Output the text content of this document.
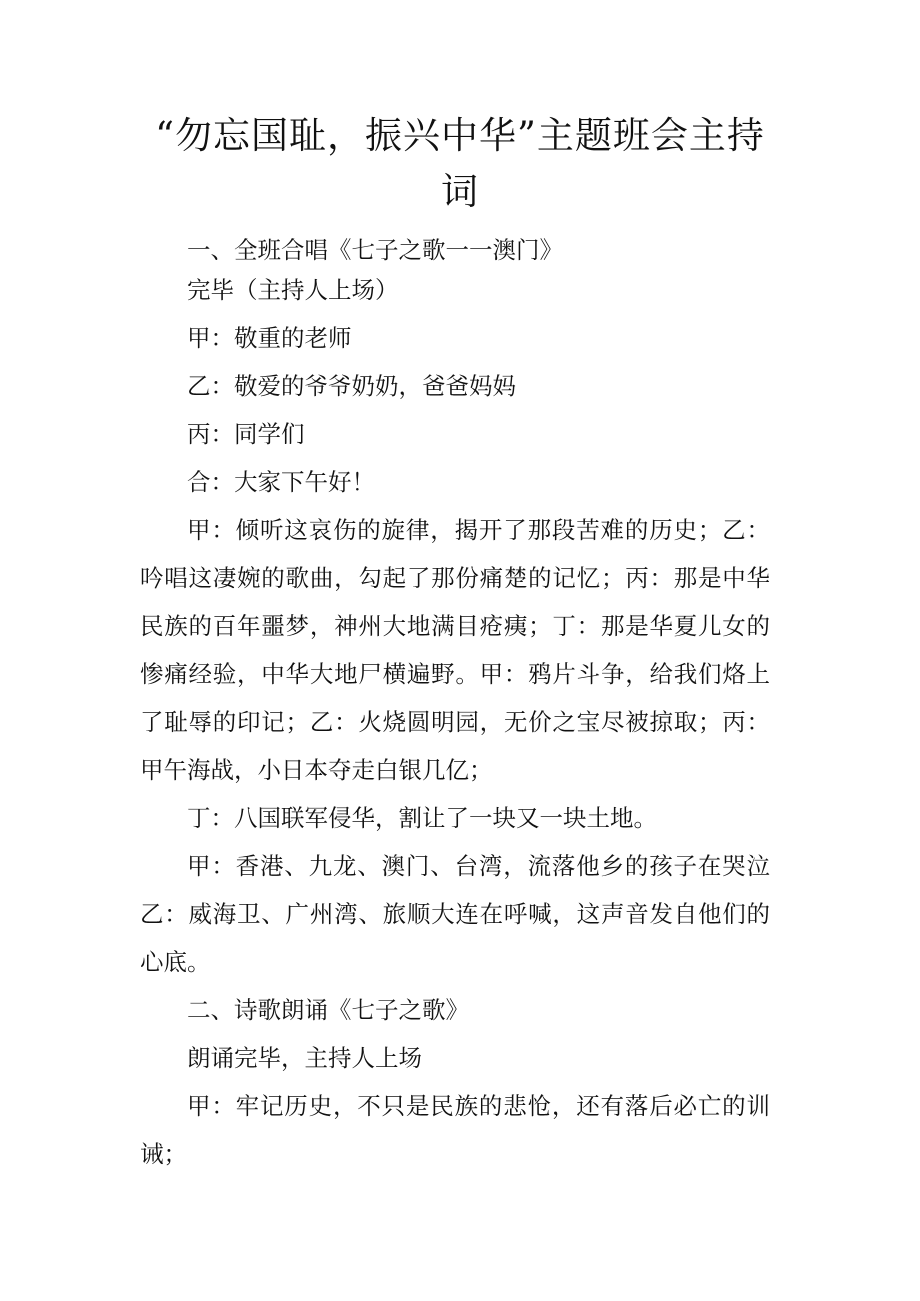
“勿忘国耻，振兴中华”主题班会主持词

一、全班合唱《七子之歌一一澳门》

完毕（主持人上场）

甲：敬重的老师

乙：敬爱的爷爷奶奶，爸爸妈妈

丙：同学们

合：大家下午好！

甲：倾听这哀伤的旋律，揭开了那段苦难的历史；乙：吟唱这凄婉的歌曲，勾起了那份痛楚的记忆；丙：那是中华民族的百年噩梦，神州大地满目疮痍；丁：那是华夏儿女的惨痛经验，中华大地尸横遍野。甲：鸦片斗争，给我们烙上了耻辱的印记；乙：火烧圆明园，无价之宝尽被掠取；丙：甲午海战，小日本夺走白银几亿；

丁：八国联军侵华，割让了一块又一块土地。

甲：香港、九龙、澳门、台湾，流落他乡的孩子在哭泣乙：威海卫、广州湾、旅顺大连在呼喊，这声音发自他们的心底。

二、诗歌朗诵《七子之歌》

朗诵完毕，主持人上场

甲：牢记历史，不只是民族的悲怆，还有落后必亡的训诫；
